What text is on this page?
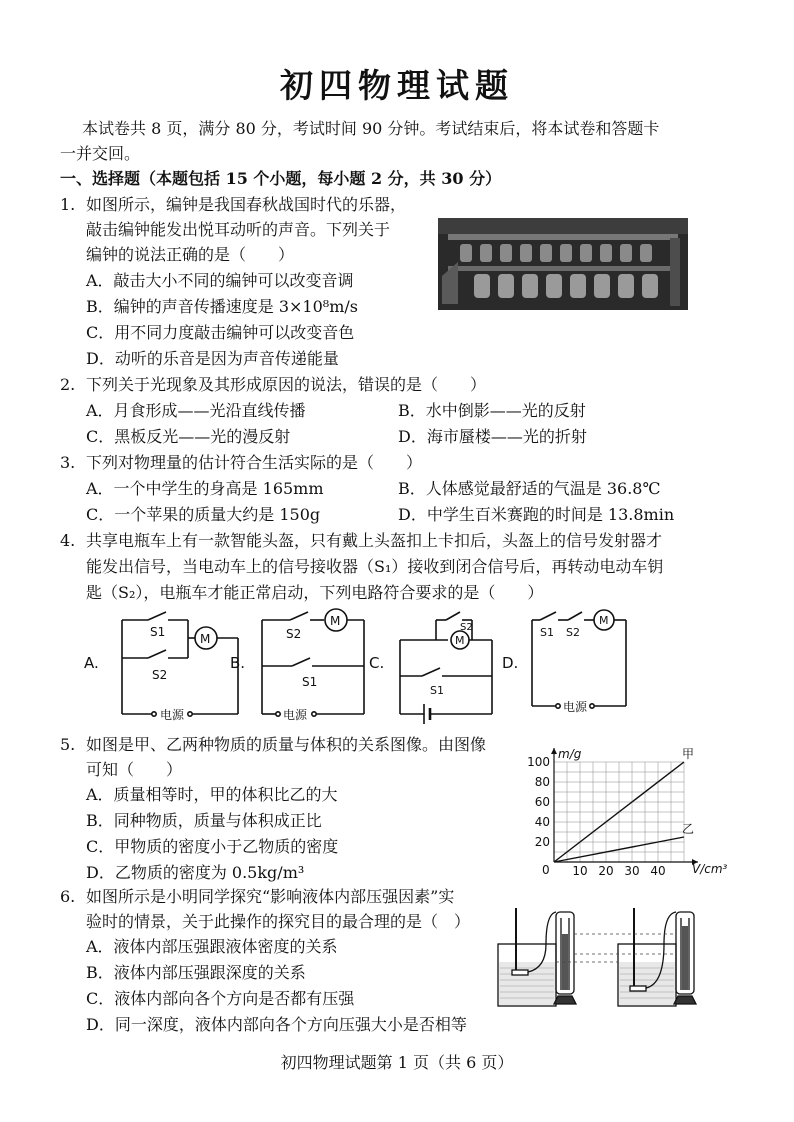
初四物理试题
本试卷共 8 页，满分 80 分，考试时间 90 分钟。考试结束后，将本试卷和答题卡
一并交回。
一、选择题（本题包括 15 个小题，每小题 2 分，共 30 分）
1. 如图所示，编钟是我国春秋战国时代的乐器，
敲击编钟能发出悦耳动听的声音。下列关于
编钟的说法正确的是（　　）
A．敲击大小不同的编钟可以改变音调
B．编钟的声音传播速度是 3×10⁸m/s
C．用不同力度敲击编钟可以改变音色
D．动听的乐音是因为声音传递能量
2. 下列关于光现象及其形成原因的说法，错误的是（　　）
A．月食形成——光沿直线传播	B．水中倒影——光的反射
C．黑板反光——光的漫反射	D．海市蜃楼——光的折射
3. 下列对物理量的估计符合生活实际的是（　　）
A．一个中学生的身高是 165mm	B．人体感觉最舒适的气温是 36.8℃
C．一个苹果的质量大约是 150g	D．中学生百米赛跑的时间是 13.8min
4. 共享电瓶车上有一款智能头盔，只有戴上头盔扣上卡扣后，头盔上的信号发射器才
能发出信号，当电动车上的信号接收器（S₁）接收到闭合信号后，再转动电动车钥
匙（S₂），电瓶车才能正常启动，下列电路符合要求的是（　　）
A.
M
S1
S2
电源
B.
M
S2
S1
电源
C.
M
S2
S1
D.
M
S1 S2
电源
5. 如图是甲、乙两种物质的质量与体积的关系图像。由图像
可知（　　）
A．质量相等时，甲的体积比乙的大
B．同种物质，质量与体积成正比
C．甲物质的密度小于乙物质的密度
D．乙物质的密度为 0.5kg/m³	0 10 20 30 40
20
40
60
80
100
m/g
V/cm³
甲
乙
6. 如图所示是小明同学探究“影响液体内部压强因素”实
验时的情景，关于此操作的探究目的最合理的是（　）
A．液体内部压强跟液体密度的关系
B．液体内部压强跟深度的关系
C．液体内部向各个方向是否都有压强
D．同一深度，液体内部向各个方向压强大小是否相等
初四物理试题第 1 页（共 6 页）
